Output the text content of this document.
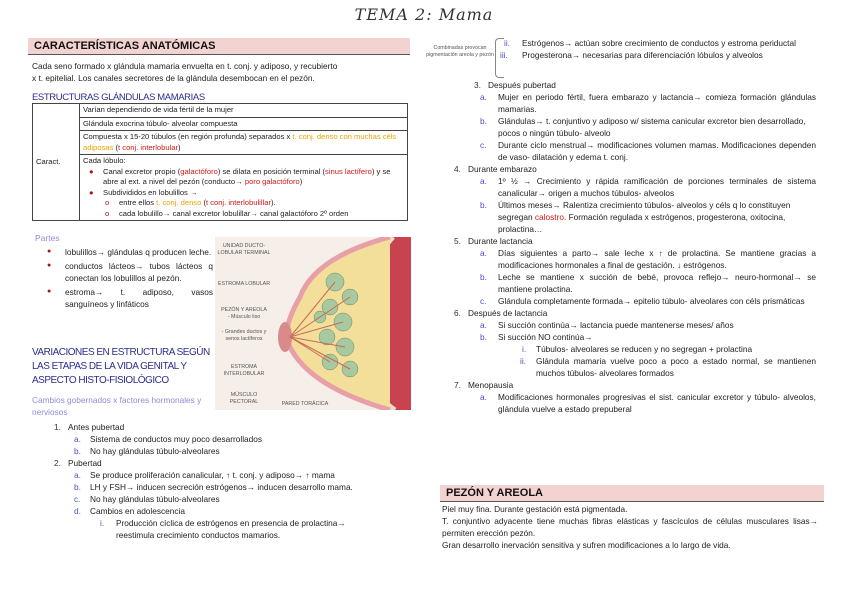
TEMA 2: Mama
CARACTERÍSTICAS ANATÓMICAS
Cada seno formado x glándula mamaria envuelta en t. conj. y adiposo, y recubierto
x t. epitelial. Los canales secretores de la glándula desembocan en el pezón.
ESTRUCTURAS GLÁNDULAS MAMARIAS
Caract.	Varían dependiendo de vida fértil de la mujer
Glándula exocrina túbulo- alveolar compuesta
Compuesta x 15-20 túbulos (en región profunda) separados x t. conj. denso con muchas céls adiposas (t conj. interlobular)

Cada lóbulo:
● Canal excretor propio (galactóforo) se dilata en posición terminal (sinus lactífero) y se abre al ext. a nivel del pezón (conducto→ poro galactóforo)
● Subdivididos en lobulillos →
o entre ellos t. conj. denso (t conj. interlobulillar).
o cada lobulillo→ canal excretor lobulillar→ canal galactóforo 2º orden
Partes
● lobulillos→ glándulas q producen leche.
● conductos lácteos→ tubos lácteos q conectan los lobulillos al pezón.
● estroma→ t. adiposo, vasos sanguíneos y linfáticos
UNIDAD DUCTO-LOBULAR TERMINAL
ESTROMA LOBULAR
PEZÓN Y AREOLA
- Músculo liso
- Grandes ductos y senos lactíferos
ESTROMA INTERLOBULAR
MÚSCULO PECTORAL	PARED TORÁCICA
VARIACIONES EN ESTRUCTURA SEGÚN LAS ETAPAS DE LA VIDA GENITAL Y ASPECTO HISTO-FISIOLÓGICO
Cambios gobernados x factores hormonales y nerviosos
1. Antes pubertad
a. Sistema de conductos muy poco desarrollados
b. No hay glándulas túbulo-alveolares
2. Pubertad
a. Se produce proliferación canalicular, ↑ t. conj. y adiposo→ ↑ mama
b. LH y FSH→ inducen secreción estrógenos→ inducen desarrollo mama.
c. No hay glándulas túbulo-alveolares
d. Cambios en adolescencia
i. Producción cíclica de estrógenos en presencia de prolactina→ reestimula crecimiento conductos mamarios.
Combinadas provocan pigmentación areola y pezón
ii. Estrógenos→ actúan sobre crecimiento de conductos y estroma periductal
iii. Progesterona→ necesarias para diferenciación lóbulos y alveolos
3. Después pubertad
a. Mujer en periodo fértil, fuera embarazo y lactancia→ comieza formación glándulas mamarias.
b. Glándulas→ t. conjuntivo y adiposo w/ sistema canicular excretor bien desarrollado, pocos o ningún túbulo- alveolo
c. Durante ciclo menstrual→ modificaciones volumen mamas. Modificaciones dependen de vaso- dilatación y edema t. conj.
4. Durante embarazo
a. 1º ½ → Crecimiento y rápida ramificación de porciones terminales de sistema canalicular→ origen a muchos túbulos- alveolos
b. Últimos meses→ Ralentiza crecimiento túbulos- alveolos y céls q lo constituyen segregan calostro. Formación regulada x estrógenos, progesterona, oxitocina, prolactina…
5. Durante lactancia
a. Días siguientes a parto→ sale leche x ↑ de prolactina. Se mantiene gracias a modificaciones hormonales a final de gestación. ↓ estrógenos.
b. Leche se mantiene x succión de bebé, provoca reflejo→ neuro-hormonal→ se mantiene prolactina.
c. Glándula completamente formada→ epitelio túbulo- alveolares con céls prismáticas
6. Después de lactancia
a. Si succión continúa→ lactancia puede mantenerse meses/ años
b. Si succión NO continúa→
i. Túbulos- alveolares se reducen y no segregan + prolactina
ii. Glándula mamaria vuelve poco a poco a estado normal, se mantienen muchos túbulos- alveolares formados
7. Menopausia
a. Modificaciones hormonales progresivas el sist. canicular excretor y túbulo- alveolos, glándula vuelve a estado prepuberal
PEZÓN Y AREOLA
Piel muy fina. Durante gestación está pigmentada.
T. conjuntivo adyacente tiene muchas fibras elásticas y fascículos de células musculares lisas→ permiten erección pezón.
Gran desarrollo inervación sensitiva y sufren modificaciones a lo largo de vida.
